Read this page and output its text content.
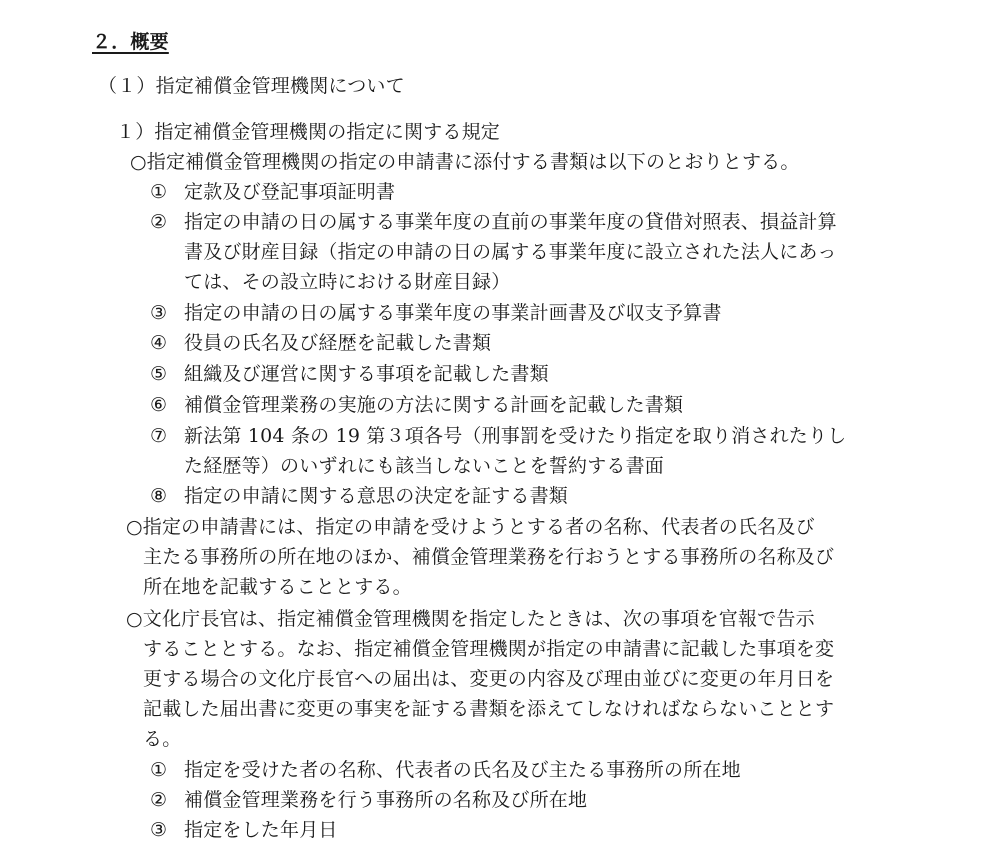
２．概要
（１）指定補償金管理機関について
１）指定補償金管理機関の指定に関する規定
○指定補償金管理機関の指定の申請書に添付する書類は以下のとおりとする。
① 定款及び登記事項証明書
② 指定の申請の日の属する事業年度の直前の事業年度の貸借対照表、損益計算
書及び財産目録（指定の申請の日の属する事業年度に設立された法人にあっ
ては、その設立時における財産目録）
③ 指定の申請の日の属する事業年度の事業計画書及び収支予算書
④ 役員の氏名及び経歴を記載した書類
⑤ 組織及び運営に関する事項を記載した書類
⑥ 補償金管理業務の実施の方法に関する計画を記載した書類
⑦ 新法第 104 条の 19 第３項各号（刑事罰を受けたり指定を取り消されたりし
た経歴等）のいずれにも該当しないことを誓約する書面
⑧ 指定の申請に関する意思の決定を証する書類
○指定の申請書には、指定の申請を受けようとする者の名称、代表者の氏名及び
主たる事務所の所在地のほか、補償金管理業務を行おうとする事務所の名称及び
所在地を記載することとする。
○文化庁長官は、指定補償金管理機関を指定したときは、次の事項を官報で告示
することとする。なお、指定補償金管理機関が指定の申請書に記載した事項を変
更する場合の文化庁長官への届出は、変更の内容及び理由並びに変更の年月日を
記載した届出書に変更の事実を証する書類を添えてしなければならないこととす
る。
① 指定を受けた者の名称、代表者の氏名及び主たる事務所の所在地
② 補償金管理業務を行う事務所の名称及び所在地
③ 指定をした年月日
